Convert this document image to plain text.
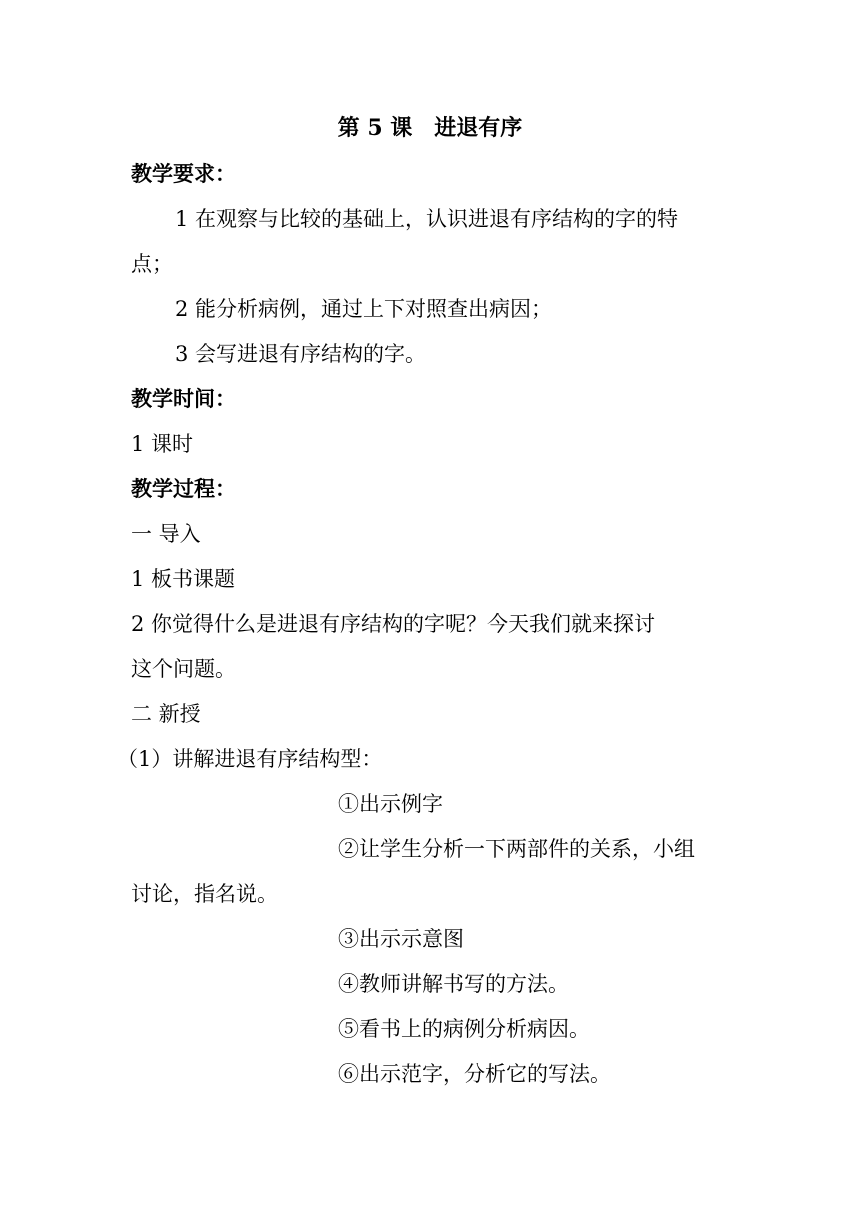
第 5 课　进退有序
教学要求：
1 在观察与比较的基础上，认识进退有序结构的字的特
点；
2 能分析病例，通过上下对照查出病因；
3 会写进退有序结构的字。
教学时间：
1 课时
教学过程：
一 导入
1 板书课题
2 你觉得什么是进退有序结构的字呢？今天我们就来探讨
这个问题。
二 新授
（1）讲解进退有序结构型：
①出示例字
②让学生分析一下两部件的关系，小组
讨论，指名说。
③出示示意图
④教师讲解书写的方法。
⑤看书上的病例分析病因。
⑥出示范字，分析它的写法。
